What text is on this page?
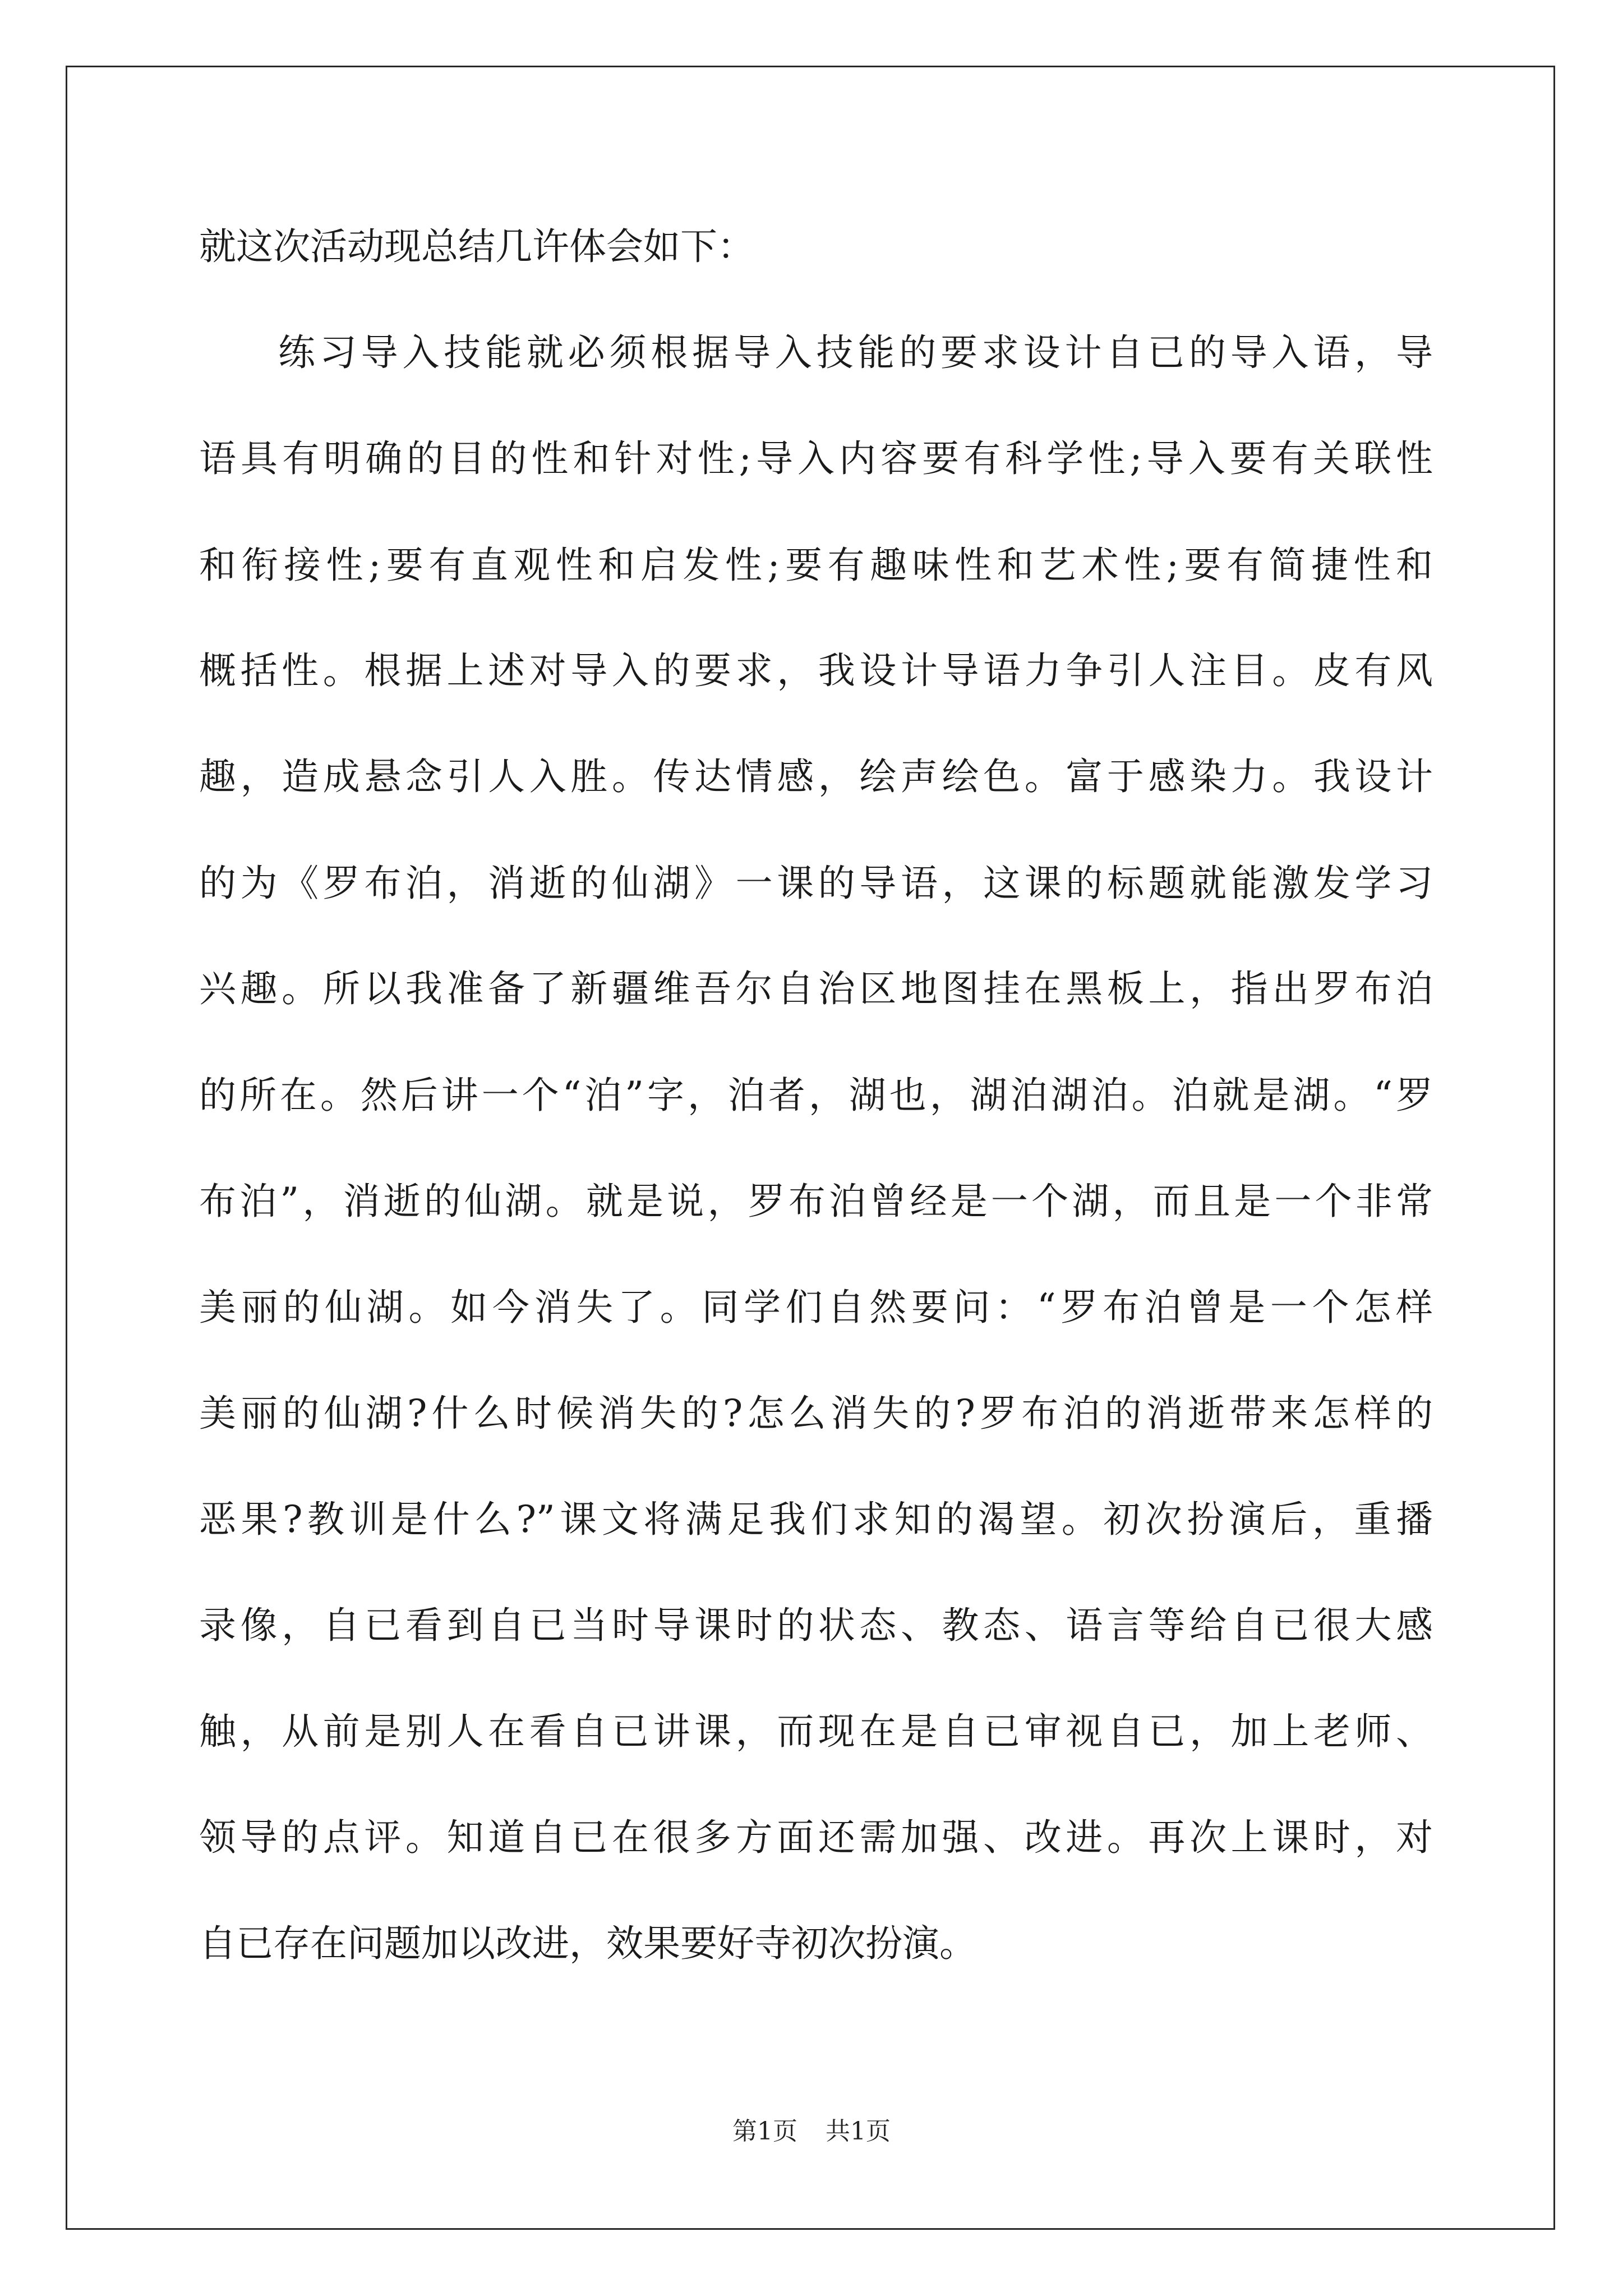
就这次活动现总结几许体会如下：
练习导入技能就必须根据导入技能的要求设计自已的导入语，导
语具有明确的目的性和针对性;导入内容要有科学性;导入要有关联性
和衔接性;要有直观性和启发性;要有趣味性和艺术性;要有简捷性和
概括性。根据上述对导入的要求，我设计导语力争引人注目。皮有风
趣，造成悬念引人入胜。传达情感，绘声绘色。富于感染力。我设计
的为《罗布泊，消逝的仙湖》一课的导语，这课的标题就能激发学习
兴趣。所以我准备了新疆维吾尔自治区地图挂在黑板上，指出罗布泊
的所在。然后讲一个“泊”字，泊者，湖也，湖泊湖泊。泊就是湖。“罗
布泊”，消逝的仙湖。就是说，罗布泊曾经是一个湖，而且是一个非常
美丽的仙湖。如今消失了。同学们自然要问：“罗布泊曾是一个怎样
美丽的仙湖?什么时候消失的?怎么消失的?罗布泊的消逝带来怎样的
恶果?教训是什么?”课文将满足我们求知的渴望。初次扮演后，重播
录像，自已看到自已当时导课时的状态、教态、语言等给自已很大感
触，从前是别人在看自已讲课，而现在是自已审视自已，加上老师、
领导的点评。知道自已在很多方面还需加强、改进。再次上课时，对
自已存在问题加以改进，效果要好寺初次扮演。
第1页 共1页
